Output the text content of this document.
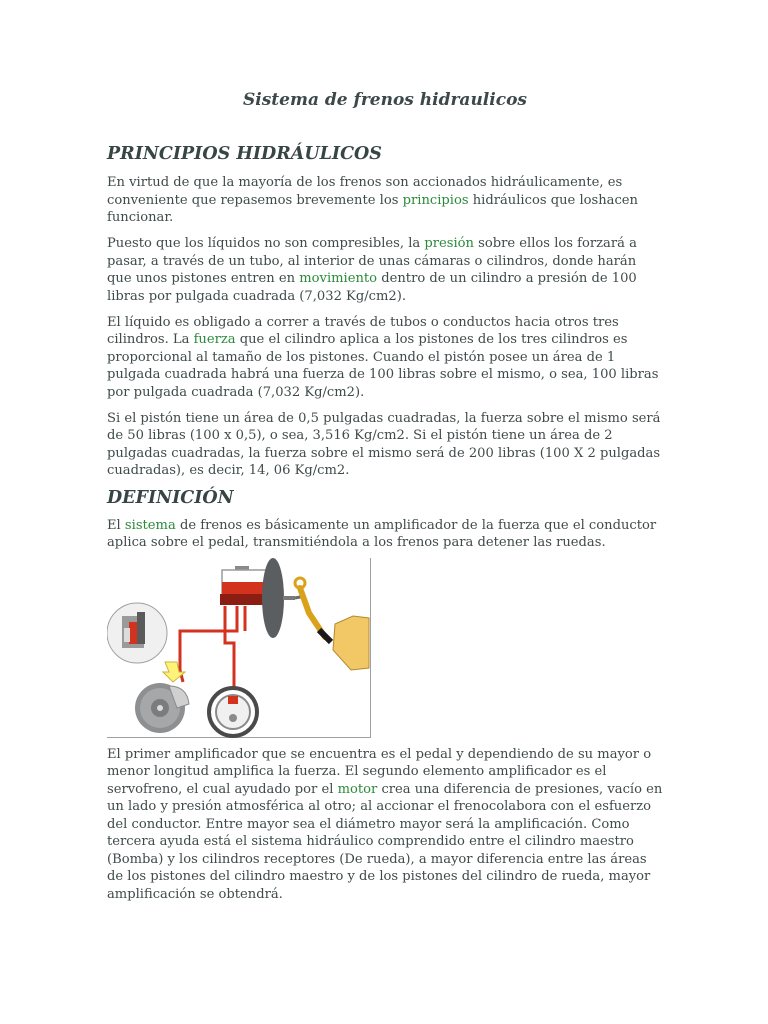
Sistema de frenos hidraulicos
PRINCIPIOS HIDRÁULICOS

En virtud de que la mayoría de los frenos son accionados hidráulicamente, es conveniente que repasemos brevemente los principios hidráulicos que loshacen funcionar.

Puesto que los líquidos no son compresibles, la presión sobre ellos los forzará a pasar, a través de un tubo, al interior de unas cámaras o cilindros, donde harán que unos pistones entren en movimiento dentro de un cilindro a presión de 100 libras por pulgada cuadrada (7,032 Kg/cm2).

El líquido es obligado a correr a través de tubos o conductos hacia otros tres cilindros. La fuerza que el cilindro aplica a los pistones de los tres cilindros es proporcional al tamaño de los pistones. Cuando el pistón posee un área de 1 pulgada cuadrada habrá una fuerza de 100 libras sobre el mismo, o sea, 100 libras por pulgada cuadrada (7,032 Kg/cm2).

Si el pistón tiene un área de 0,5 pulgadas cuadradas, la fuerza sobre el mismo será de 50 libras (100 x 0,5), o sea, 3,516 Kg/cm2. Si el pistón tiene un área de 2 pulgadas cuadradas, la fuerza sobre el mismo será de 200 libras (100 X 2 pulgadas cuadradas), es decir, 14, 06 Kg/cm2.

DEFINICIÓN

El sistema de frenos es básicamente un amplificador de la fuerza que el conductor aplica sobre el pedal, transmitiéndola a los frenos para detener las ruedas.

El primer amplificador que se encuentra es el pedal y dependiendo de su mayor o menor longitud amplifica la fuerza. El segundo elemento amplificador es el servofreno, el cual ayudado por el motor crea una diferencia de presiones, vacío en un lado y presión atmosférica al otro; al accionar el frenocolabora con el esfuerzo del conductor. Entre mayor sea el diámetro mayor será la amplificación. Como tercera ayuda está el sistema hidráulico comprendido entre el cilindro maestro (Bomba) y los cilindros receptores (De rueda), a mayor diferencia entre las áreas de los pistones del cilindro maestro y de los pistones del cilindro de rueda, mayor amplificación se obtendrá.
